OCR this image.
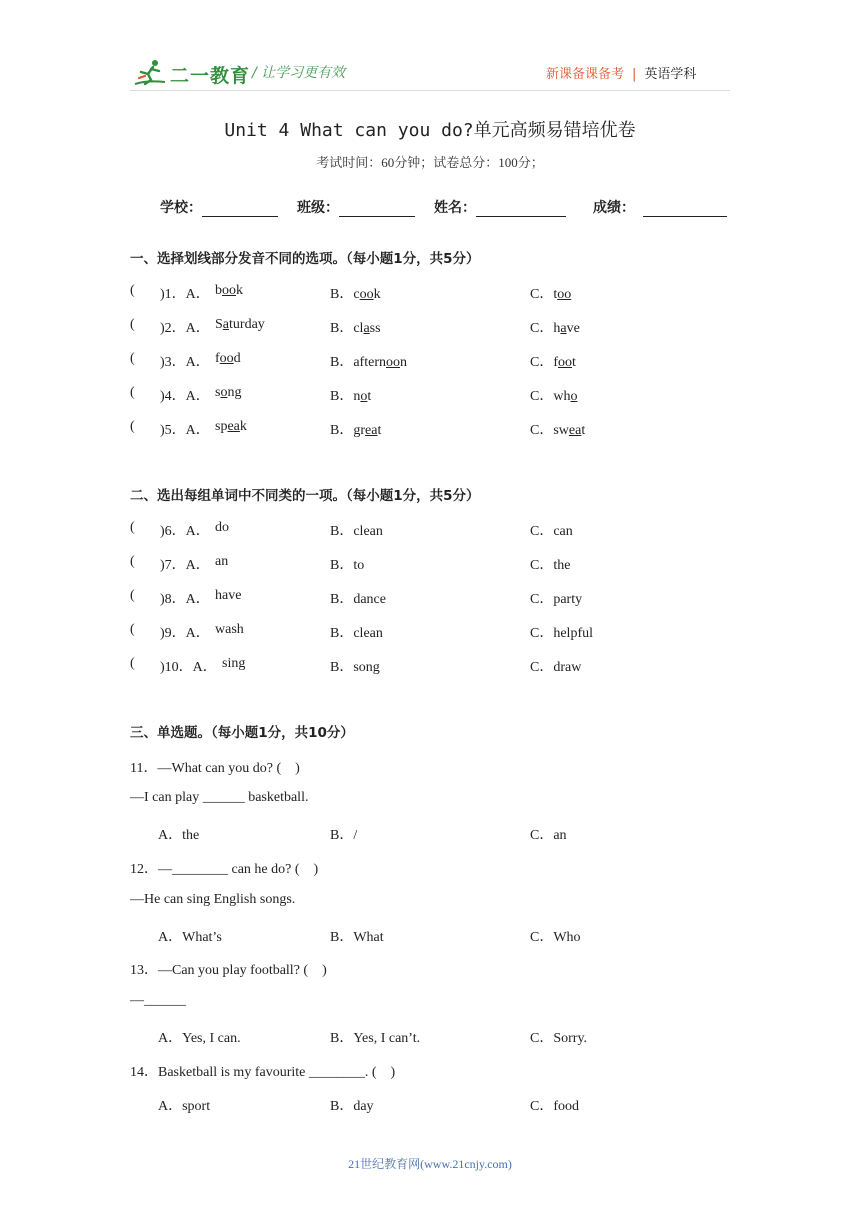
二一教育 / 让学习更有效	新课备课备考 | 英语学科
Unit 4 What can you do?单元高频易错培优卷
考试时间：60分钟；试卷总分：100分；
学校：	班级：	姓名：	成绩：
一、选择划线部分发音不同的选项。（每小题1分，共5分）
( )1．A． book	B．cook	C．too
( )2．A． Saturday	B．class	C．have
( )3．A． food	B．afternoon	C．foot
( )4．A． song	B．not	C．who
( )5．A． speak	B．great	C．sweat
二、选出每组单词中不同类的一项。（每小题1分，共5分）
( )6．A． do	B．clean	C．can
( )7．A． an	B．to	C．the
( )8．A． have	B．dance	C．party
( )9．A． wash	B．clean	C．helpful
( )10．A． sing	B．song	C．draw
三、单选题。（每小题1分，共10分）
11．—What can you do? (　)
—I can play ______ basketball.
A．the	B．/	C．an
12．—________ can he do? (　)
—He can sing English songs.
A．What’s	B．What	C．Who
13．—Can you play football? (　)
—______
A．Yes, I can.	B．Yes, I can’t.	C．Sorry.
14．Basketball is my favourite ________. (　)
A．sport	B．day	C．food
21世纪教育网(www.21cnjy.com)
